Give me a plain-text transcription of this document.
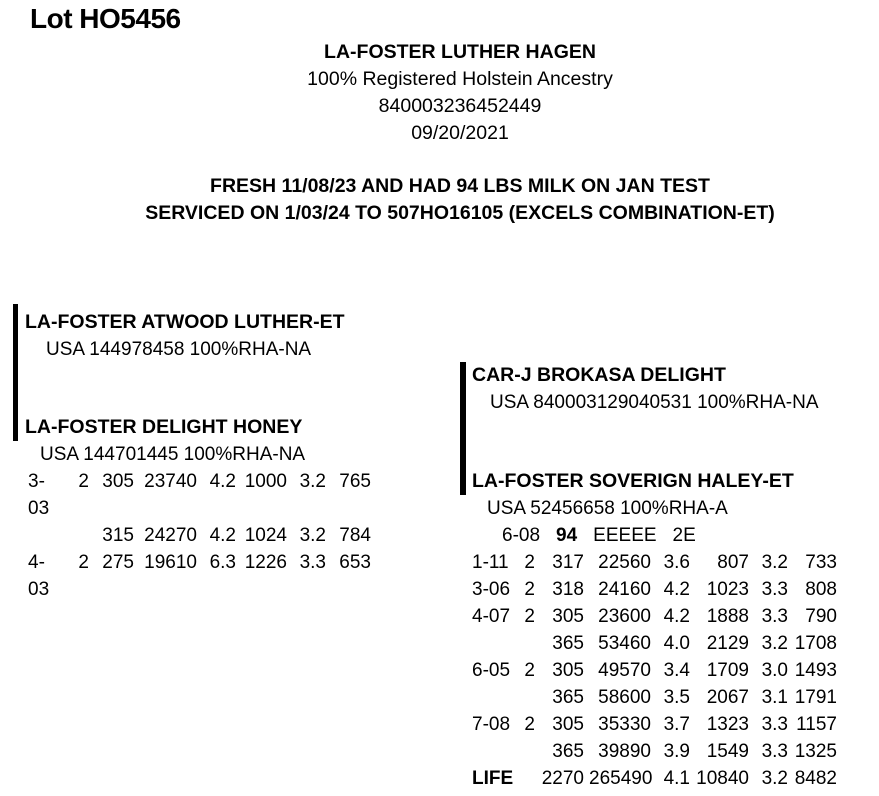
Lot HO5456
LA-FOSTER LUTHER HAGEN
100% Registered Holstein Ancestry
840003236452449
09/20/2021
FRESH 11/08/23 AND HAD 94 LBS MILK ON JAN TEST
SERVICED ON 1/03/24 TO 507HO16105 (EXCELS COMBINATION-ET)
LA-FOSTER ATWOOD LUTHER-ET
USA 144978458 100%RHA-NA
LA-FOSTER DELIGHT HONEY
USA 144701445 100%RHA-NA
3-03
2 305 23740 4.2 1000 3.2 765
315 24270 4.2 1024 3.2 784
4-03
2 275 19610 6.3 1226 3.3 653
CAR-J BROKASA DELIGHT
USA 840003129040531 100%RHA-NA
LA-FOSTER SOVERIGN HALEY-ET
USA 52456658 100%RHA-A
6-08 94 EEEEE 2E
1-11 2 317 22560 3.6	807 3.2 733
3-06 2 318 24160 4.2 1023 3.3 808
4-07 2 305 23600 4.2 1888 3.3 790
365 53460 4.0 2129 3.2 1708
6-05 2 305 49570 3.4 1709 3.0 1493
365 58600 3.5 2067 3.1 1791
7-08 2 305 35330 3.7 1323 3.3 1157
365 39890 3.9 1549 3.3 1325
LIFE 2270 265490 4.1 10840 3.2 8482
